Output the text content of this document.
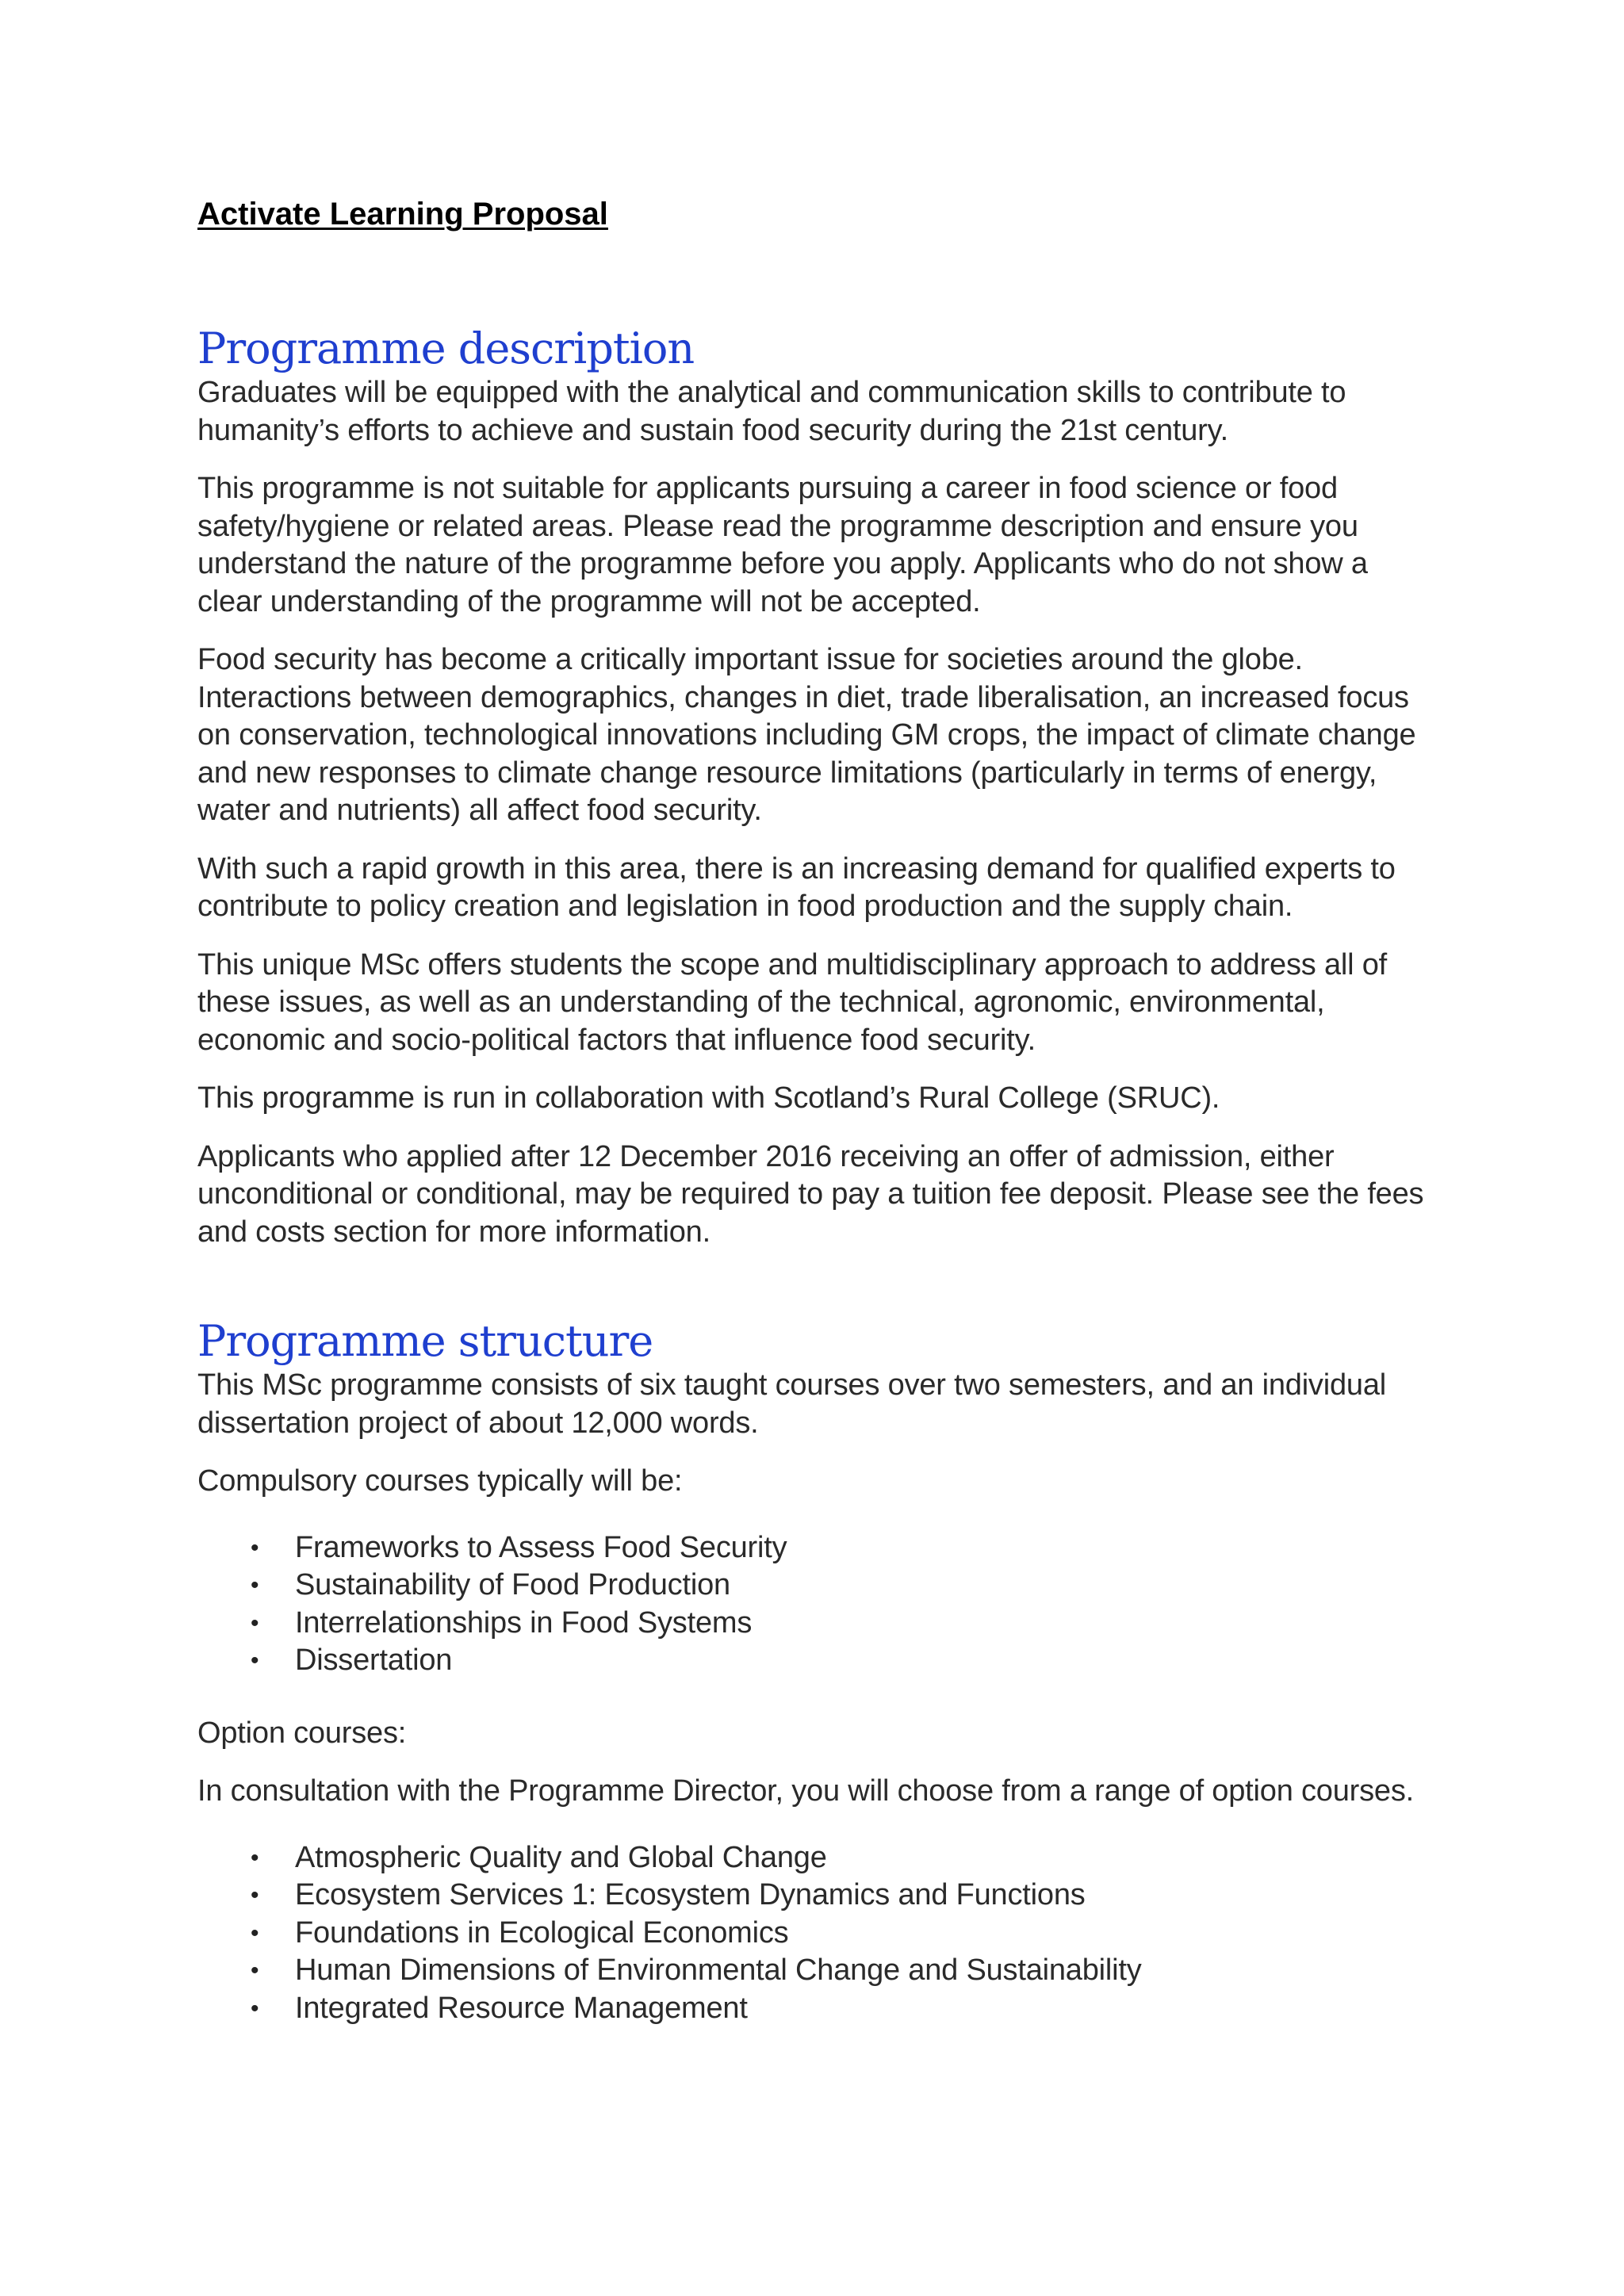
Activate Learning Proposal
Programme description

Graduates will be equipped with the analytical and communication skills to contribute to humanity’s efforts to achieve and sustain food security during the 21st century.

This programme is not suitable for applicants pursuing a career in food science or food safety/hygiene or related areas. Please read the programme description and ensure you understand the nature of the programme before you apply. Applicants who do not show a clear understanding of the programme will not be accepted.

Food security has become a critically important issue for societies around the globe. Interactions between demographics, changes in diet, trade liberalisation, an increased focus on conservation, technological innovations including GM crops, the impact of climate change and new responses to climate change resource limitations (particularly in terms of energy, water and nutrients) all affect food security.

With such a rapid growth in this area, there is an increasing demand for qualified experts to contribute to policy creation and legislation in food production and the supply chain.

This unique MSc offers students the scope and multidisciplinary approach to address all of these issues, as well as an understanding of the technical, agronomic, environmental, economic and socio-political factors that influence food security.

This programme is run in collaboration with Scotland’s Rural College (SRUC).

Applicants who applied after 12 December 2016 receiving an offer of admission, either unconditional or conditional, may be required to pay a tuition fee deposit. Please see the fees and costs section for more information.

Programme structure

This MSc programme consists of six taught courses over two semesters, and an individual dissertation project of about 12,000 words.

Compulsory courses typically will be:

• Frameworks to Assess Food Security
• Sustainability of Food Production
• Interrelationships in Food Systems
• Dissertation

Option courses:

In consultation with the Programme Director, you will choose from a range of option courses.

• Atmospheric Quality and Global Change
• Ecosystem Services 1: Ecosystem Dynamics and Functions
• Foundations in Ecological Economics
• Human Dimensions of Environmental Change and Sustainability
• Integrated Resource Management
